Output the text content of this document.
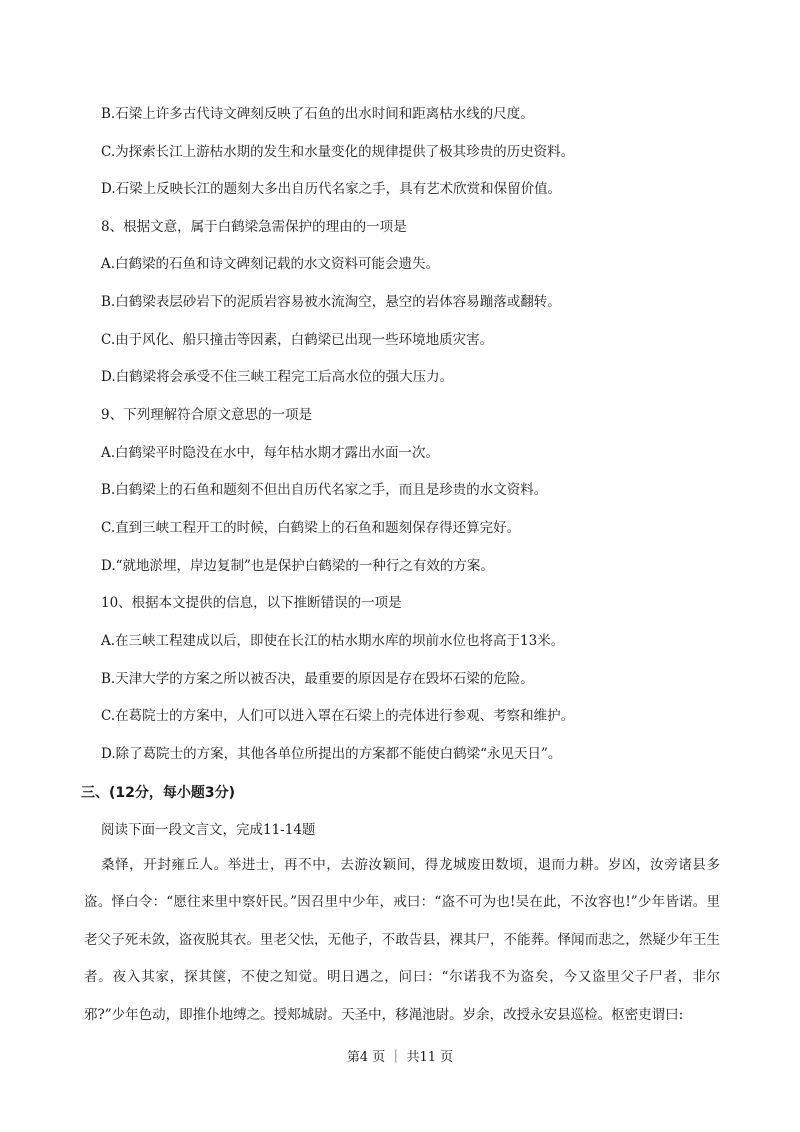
B.石梁上许多古代诗文碑刻反映了石鱼的出水时间和距离枯水线的尺度。
C.为探索长江上游枯水期的发生和水量变化的规律提供了极其珍贵的历史资料。
D.石梁上反映长江的题刻大多出自历代名家之手，具有艺术欣赏和保留价值。
8、根据文意，属于白鹤梁急需保护的理由的一项是
A.白鹤梁的石鱼和诗文碑刻记载的水文资料可能会遗失。
B.白鹤梁表层砂岩下的泥质岩容易被水流淘空，悬空的岩体容易蹦落或翻转。
C.由于风化、船只撞击等因素，白鹤梁已出现一些环境地质灾害。
D.白鹤梁将会承受不住三峡工程完工后高水位的强大压力。
9、下列理解符合原文意思的一项是
A.白鹤梁平时隐没在水中，每年枯水期才露出水面一次。
B.白鹤梁上的石鱼和题刻不但出自历代名家之手，而且是珍贵的水文资料。
C.直到三峡工程开工的时候，白鹤梁上的石鱼和题刻保存得还算完好。
D.“就地淤埋，岸边复制”也是保护白鹤梁的一种行之有效的方案。
10、根据本文提供的信息，以下推断错误的一项是
A.在三峡工程建成以后，即使在长江的枯水期水库的坝前水位也将高于13米。
B.天津大学的方案之所以被否决，最重要的原因是存在毁坏石梁的危险。
C.在葛院士的方案中，人们可以进入罩在石梁上的壳体进行参观、考察和维护。
D.除了葛院士的方案，其他各单位所提出的方案都不能使白鹤梁“永见天日”。
三、(12分，每小题3分)
阅读下面一段文言文，完成11-14题

桑怿，开封雍丘人。举进士，再不中，去游汝颖间，得龙城废田数顷，退而力耕。岁凶，汝旁诸县多盗。怿白令：“愿往来里中察奸民。”因召里中少年，戒曰：“盗不可为也!吴在此，不汝容也!”少年皆诺。里老父子死未敛，盗夜脱其衣。里老父怯，无他子，不敢告县，裸其尸，不能葬。怿闻而悲之，然疑少年王生者。夜入其家，探其箧，不使之知觉。明日遇之，问曰：“尔诺我不为盗矣，今又盗里父子尸者，非尔邪?”少年色动，即推仆地缚之。授郏城尉。天圣中，移渑池尉。岁余，改授永安县巡检。枢密吏谓曰:

第4 页 ｜ 共11 页
